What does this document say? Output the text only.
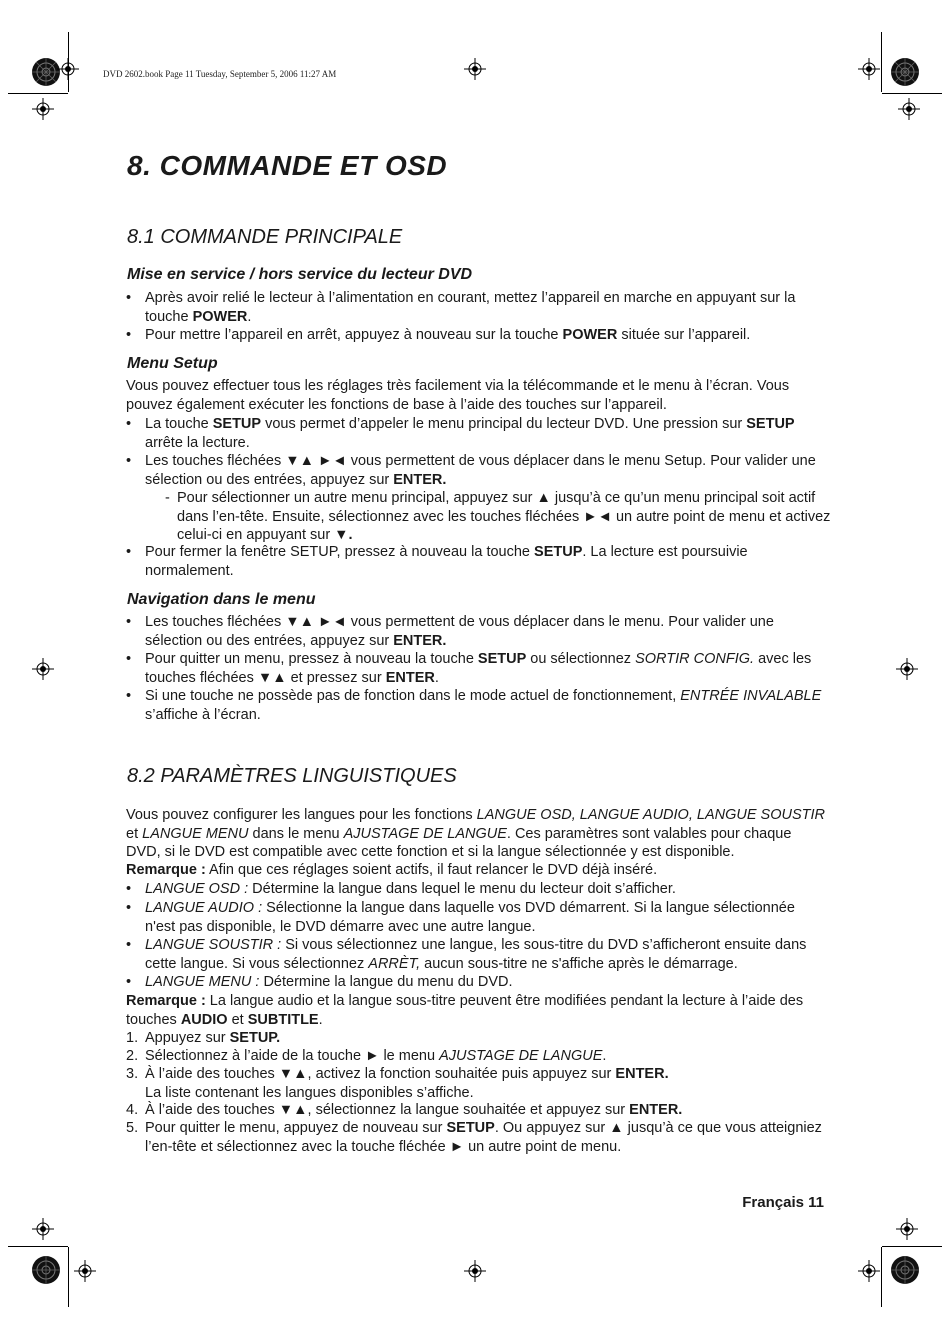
DVD 2602.book Page 11 Tuesday, September 5, 2006 11:27 AM
8. COMMANDE ET OSD
8.1 COMMANDE PRINCIPALE
Mise en service / hors service du lecteur DVD
• Après avoir relié le lecteur à l’alimentation en courant, mettez l’appareil en marche en appuyant sur la touche POWER.
• Pour mettre l’appareil en arrêt, appuyez à nouveau sur la touche POWER située sur l’appareil.
Menu Setup
Vous pouvez effectuer tous les réglages très facilement via la télécommande et le menu à l’écran. Vous pouvez également exécuter les fonctions de base à l’aide des touches sur l’appareil.
• La touche SETUP vous permet d’appeler le menu principal du lecteur DVD. Une pression sur SETUP arrête la lecture.
• Les touches fléchées ▼▲ ►◄ vous permettent de vous déplacer dans le menu Setup. Pour valider une sélection ou des entrées, appuyez sur ENTER.
- Pour sélectionner un autre menu principal, appuyez sur ▲ jusqu’à ce qu’un menu principal soit actif dans l’en-tête. Ensuite, sélectionnez avec les touches fléchées ►◄ un autre point de menu et activez celui-ci en appuyant sur ▼.
• Pour fermer la fenêtre SETUP, pressez à nouveau la touche SETUP. La lecture est poursuivie normalement.
Navigation dans le menu
• Les touches fléchées ▼▲ ►◄ vous permettent de vous déplacer dans le menu. Pour valider une sélection ou des entrées, appuyez sur ENTER.
• Pour quitter un menu, pressez à nouveau la touche SETUP ou sélectionnez SORTIR CONFIG. avec les touches fléchées ▼▲ et pressez sur ENTER.
• Si une touche ne possède pas de fonction dans le mode actuel de fonctionnement, ENTRÉE INVALABLE s’affiche à l’écran.
8.2 PARAMÈTRES LINGUISTIQUES
Vous pouvez configurer les langues pour les fonctions LANGUE OSD, LANGUE AUDIO, LANGUE SOUSTIR et LANGUE MENU dans le menu AJUSTAGE DE LANGUE. Ces paramètres sont valables pour chaque DVD, si le DVD est compatible avec cette fonction et si la langue sélectionnée y est disponible.
Remarque : Afin que ces réglages soient actifs, il faut relancer le DVD déjà inséré.
• LANGUE OSD : Détermine la langue dans lequel le menu du lecteur doit s’afficher.
• LANGUE AUDIO : Sélectionne la langue dans laquelle vos DVD démarrent. Si la langue sélectionnée n'est pas disponible, le DVD démarre avec une autre langue.
• LANGUE SOUSTIR : Si vous sélectionnez une langue, les sous-titre du DVD s’afficheront ensuite dans cette langue. Si vous sélectionnez ARRÈT, aucun sous-titre ne s'affiche après le démarrage.
• LANGUE MENU : Détermine la langue du menu du DVD.
Remarque : La langue audio et la langue sous-titre peuvent être modifiées pendant la lecture à l’aide des touches AUDIO et SUBTITLE.
1. Appuyez sur SETUP.
2. Sélectionnez à l’aide de la touche ► le menu AJUSTAGE DE LANGUE.
3. À l’aide des touches ▼▲, activez la fonction souhaitée puis appuyez sur ENTER.
La liste contenant les langues disponibles s’affiche.
4. À l’aide des touches ▼▲, sélectionnez la langue souhaitée et appuyez sur ENTER.
5. Pour quitter le menu, appuyez de nouveau sur SETUP. Ou appuyez sur ▲ jusqu’à ce que vous atteigniez l’en-tête et sélectionnez avec la touche fléchée ► un autre point de menu.
Français 11
